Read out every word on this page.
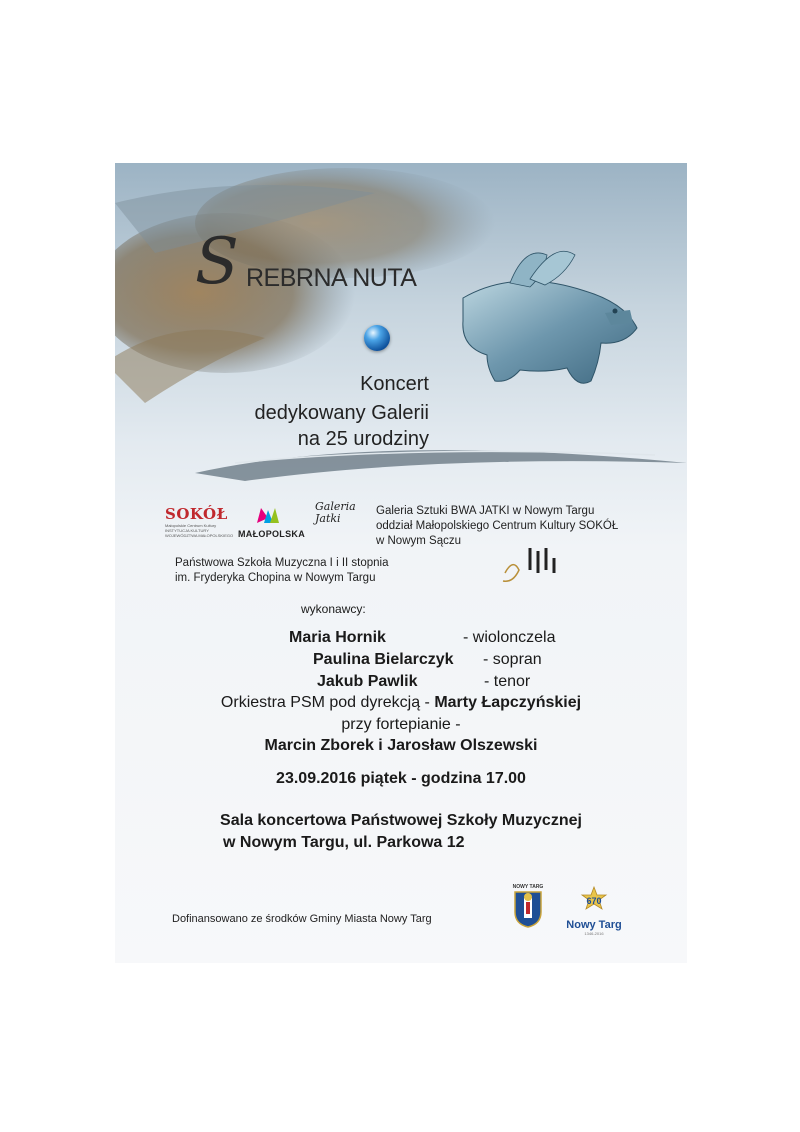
S REBRNA NUTA
Koncert
dedykowany Galerii
na 25 urodziny
SOKÓŁ
Małopolskie Centrum Kultury
INSTYTUCJA KULTURY
WOJEWÓDZTWA MAŁOPOLSKIEGO MAŁOPOLSKA
Galeria
Jatki
Galeria Sztuki BWA JATKI w Nowym Targu
oddział Małopolskiego Centrum Kultury SOKÓŁ
w Nowym Sączu
Państwowa Szkoła Muzyczna I i II stopnia
im. Fryderyka Chopina w Nowym Targu
wykonawcy:
Maria Hornik	- wiolonczela
Paulina Bielarczyk - sopran
Jakub Pawlik	- tenor
Orkiestra PSM pod dyrekcją - Marty Łapczyńskiej
przy fortepianie -
Marcin Zborek i Jarosław Olszewski
23.09.2016 piątek - godzina 17.00
Sala koncertowa Państwowej Szkoły Muzycznej
w Nowym Targu, ul. Parkowa 12
Dofinansowano ze środków Gminy Miasta Nowy Targ
NOWY TARG
670
Nowy Targ
1346-2016
